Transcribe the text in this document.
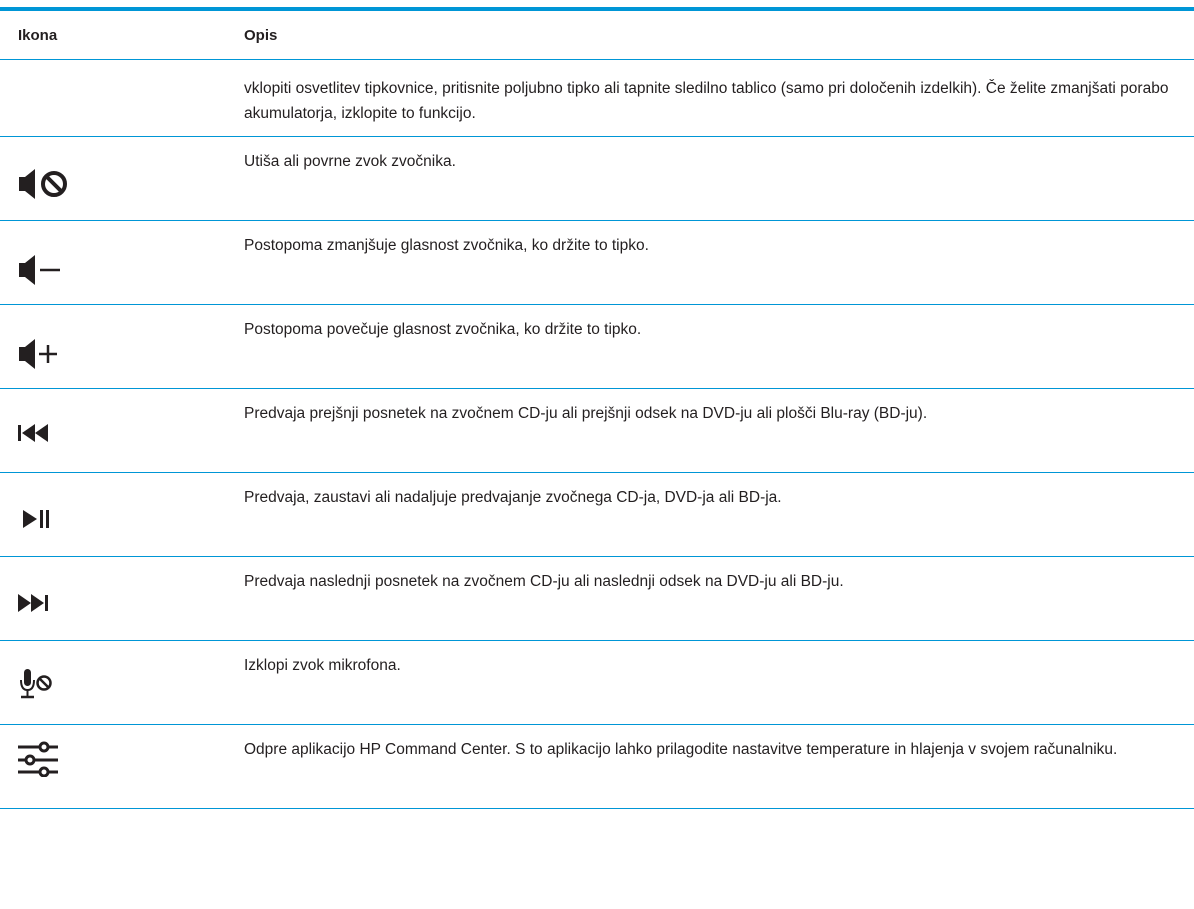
Ikona	Opis
	vklopiti osvetlitev tipkovnice, pritisnite poljubno tipko ali tapnite sledilno tablico (samo pri določenih izdelkih). Če želite zmanjšati porabo akumulatorja, izklopite to funkcijo.

	Utiša ali povrne zvok zvočnika.

	Postopoma zmanjšuje glasnost zvočnika, ko držite to tipko.

	Postopoma povečuje glasnost zvočnika, ko držite to tipko.

	Predvaja prejšnji posnetek na zvočnem CD-ju ali prejšnji odsek na DVD-ju ali plošči Blu-ray (BD-ju).

	Predvaja, zaustavi ali nadaljuje predvajanje zvočnega CD-ja, DVD-ja ali BD-ja.

	Predvaja naslednji posnetek na zvočnem CD-ju ali naslednji odsek na DVD-ju ali BD-ju.

	Izklopi zvok mikrofona.

	Odpre aplikacijo HP Command Center. S to aplikacijo lahko prilagodite nastavitve temperature in hlajenja v svojem računalniku.
